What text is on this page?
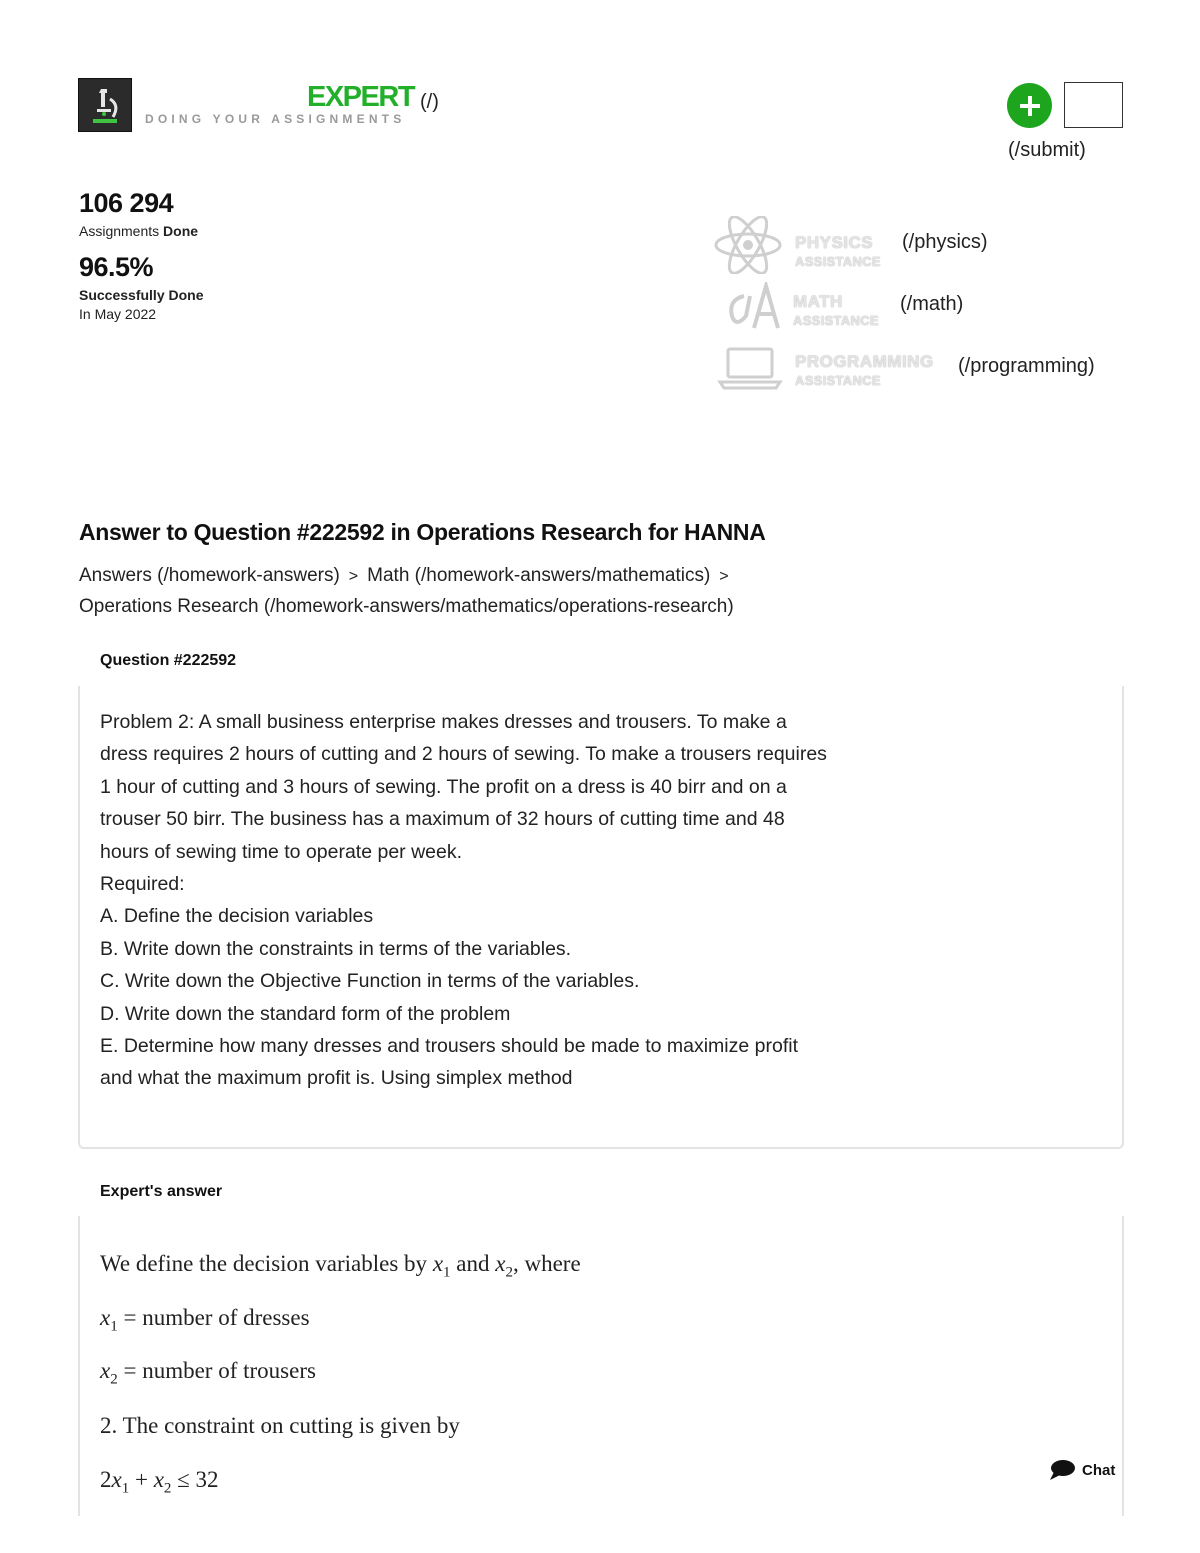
EXPERT (/)
DOING YOUR ASSIGNMENTS
(/submit)
106 294
Assignments Done
96.5%
Successfully Done
In May 2022
PHYSICS
ASSISTANCE
(/physics)
MATH
ASSISTANCE
(/math)
PROGRAMMING
ASSISTANCE
(/programming)
Answer to Question #222592 in Operations Research for HANNA
Answers (/homework-answers) > Math (/homework-answers/mathematics) >
Operations Research (/homework-answers/mathematics/operations-research)
Question #222592
Problem 2: A small business enterprise makes dresses and trousers. To make a
dress requires 2 hours of cutting and 2 hours of sewing. To make a trousers requires
1 hour of cutting and 3 hours of sewing. The profit on a dress is 40 birr and on a
trouser 50 birr. The business has a maximum of 32 hours of cutting time and 48
hours of sewing time to operate per week.
Required:
A. Define the decision variables
B. Write down the constraints in terms of the variables.
C. Write down the Objective Function in terms of the variables.
D. Write down the standard form of the problem
E. Determine how many dresses and trousers should be made to maximize profit
and what the maximum profit is. Using simplex method
Expert's answer
We define the decision variables by $x_1$ and $x_2$, where
$x_1$ = number of dresses
$x_2$ = number of trousers
2. The constraint on cutting is given by
$2x_1 + x_2 \le 32$	Chat
